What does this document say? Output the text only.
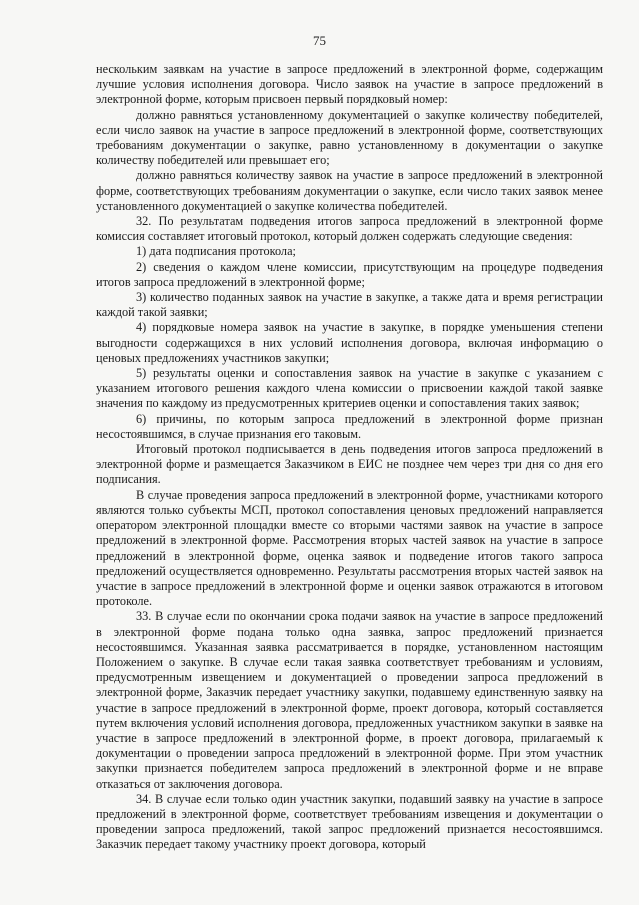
75

нескольким заявкам на участие в запросе предложений в электронной форме, содержащим лучшие условия исполнения договора. Число заявок на участие в запросе предложений в электронной форме, которым присвоен первый порядковый номер:

должно равняться установленному документацией о закупке количеству победителей, если число заявок на участие в запросе предложений в электронной форме, соответствующих требованиям документации о закупке, равно установленному в документации о закупке количеству победителей или превышает его;

должно равняться количеству заявок на участие в запросе предложений в электронной форме, соответствующих требованиям документации о закупке, если число таких заявок менее установленного документацией о закупке количества победителей.

32. По результатам подведения итогов запроса предложений в электронной форме комиссия составляет итоговый протокол, который должен содержать следующие сведения:

1) дата подписания протокола;

2) сведения о каждом члене комиссии, присутствующим на процедуре подведения итогов запроса предложений в электронной форме;

3) количество поданных заявок на участие в закупке, а также дата и время регистрации каждой такой заявки;

4) порядковые номера заявок на участие в закупке, в порядке уменьшения степени выгодности содержащихся в них условий исполнения договора, включая информацию о ценовых предложениях участников закупки;

5) результаты оценки и сопоставления заявок на участие в закупке с указанием с указанием итогового решения каждого члена комиссии о присвоении каждой такой заявке значения по каждому из предусмотренных критериев оценки и сопоставления таких заявок;

6) причины, по которым запроса предложений в электронной форме признан несостоявшимся, в случае признания его таковым.

Итоговый протокол подписывается в день подведения итогов запроса предложений в электронной форме и размещается Заказчиком в ЕИС не позднее чем через три дня со дня его подписания.

В случае проведения запроса предложений в электронной форме, участниками которого являются только субъекты МСП, протокол сопоставления ценовых предложений направляется оператором электронной площадки вместе со вторыми частями заявок на участие в запросе предложений в электронной форме. Рассмотрения вторых частей заявок на участие в запросе предложений в электронной форме, оценка заявок и подведение итогов такого запроса предложений осуществляется одновременно. Результаты рассмотрения вторых частей заявок на участие в запросе предложений в электронной форме и оценки заявок отражаются в итоговом протоколе.

33. В случае если по окончании срока подачи заявок на участие в запросе предложений в электронной форме подана только одна заявка, запрос предложений признается несостоявшимся. Указанная заявка рассматривается в порядке, установленном настоящим Положением о закупке. В случае если такая заявка соответствует требованиям и условиям, предусмотренным извещением и документацией о проведении запроса предложений в электронной форме, Заказчик передает участнику закупки, подавшему единственную заявку на участие в запросе предложений в электронной форме, проект договора, который составляется путем включения условий исполнения договора, предложенных участником закупки в заявке на участие в запросе предложений в электронной форме, в проект договора, прилагаемый к документации о проведении запроса предложений в электронной форме. При этом участник закупки признается победителем запроса предложений в электронной форме и не вправе отказаться от заключения договора.

34. В случае если только один участник закупки, подавший заявку на участие в запросе предложений в электронной форме, соответствует требованиям извещения и документации о проведении запроса предложений, такой запрос предложений признается несостоявшимся. Заказчик передает такому участнику проект договора, который
